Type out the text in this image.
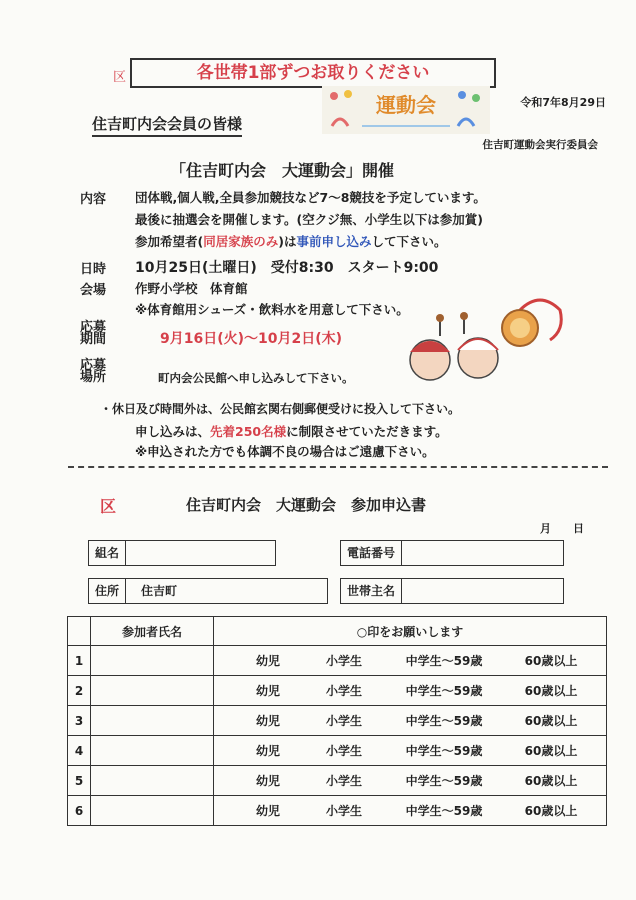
区	各世帯1部ずつお取りください
運動会	令和7年8月29日
住吉町内会会員の皆様
住吉町運動会実行委員会
「住吉町内会　大運動会」開催
内容 団体戦,個人戦,全員参加競技など7～8競技を予定しています。
最後に抽選会を開催します。(空クジ無、小学生以下は参加賞)
参加希望者(同居家族のみ)は事前申し込みして下さい。
日時 10月25日(土曜日)　受付8:30　スタート9:00
会場 作野小学校　体育館
※体育館用シューズ・飲料水を用意して下さい。
応募
期間	9月16日(火)～10月2日(木)
応募
場所	町内会公民館へ申し込みして下さい。
・休日及び時間外は、公民館玄関右側郵便受けに投入して下さい。
申し込みは、先着250名様に制限させていただきます。
※申込された方でも体調不良の場合はご遠慮下さい。
区	住吉町内会　大運動会　参加申込書
月　　日
組名	電話番号
住所	住吉町	世帯主名
	参加者氏名	○印をお願いします
1		幼児 小学生 中学生～59歳 60歳以上
2		幼児 小学生 中学生～59歳 60歳以上
3		幼児 小学生 中学生～59歳 60歳以上
4		幼児 小学生 中学生～59歳 60歳以上
5		幼児 小学生 中学生～59歳 60歳以上
6		幼児 小学生 中学生～59歳 60歳以上
